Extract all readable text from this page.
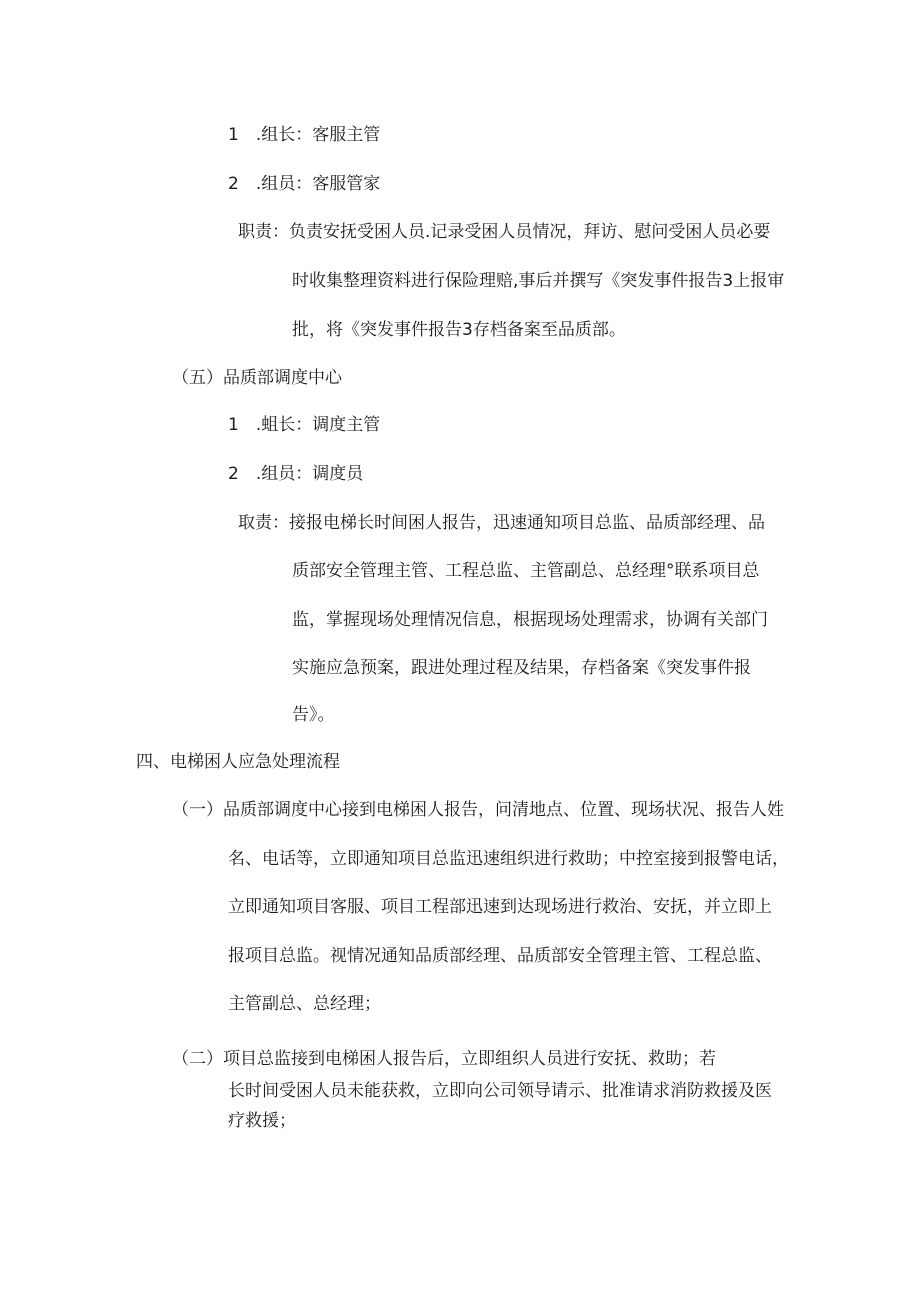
1　.组长：客服主管
2　.组员：客服管家
职责：负责安抚受困人员.记录受困人员情况，拜访、慰问受困人员必要
时收集整理资料进行保险理赔,事后并撰写《突发事件报告3上报审
批，将《突发事件报告3存档备案至品质部。
（五）品质部调度中心
1　.蛆长：调度主管
2　.组员：调度员
取责：接报电梯长时间困人报告，迅速通知项目总监、品质部经理、品
质部安全管理主管、工程总监、主管副总、总经理°联系项目总
监，掌握现场处理情况信息，根据现场处理需求，协调有关部门
实施应急预案，跟进处理过程及结果，存档备案《突发事件报
告》。
四、电梯困人应急处理流程
（一）品质部调度中心接到电梯困人报告，问清地点、位置、现场状况、报告人姓
名、电话等，立即通知项目总监迅速组织进行救助；中控室接到报警电话，
立即通知项目客服、项目工程部迅速到达现场进行救治、安抚，并立即上
报项目总监。视情况通知品质部经理、品质部安全管理主管、工程总监、
主管副总、总经理；
（二）项目总监接到电梯困人报告后，立即组织人员进行安抚、救助；若
长时间受困人员未能获救，立即向公司领导请示、批准请求消防救援及医
疗救援；
